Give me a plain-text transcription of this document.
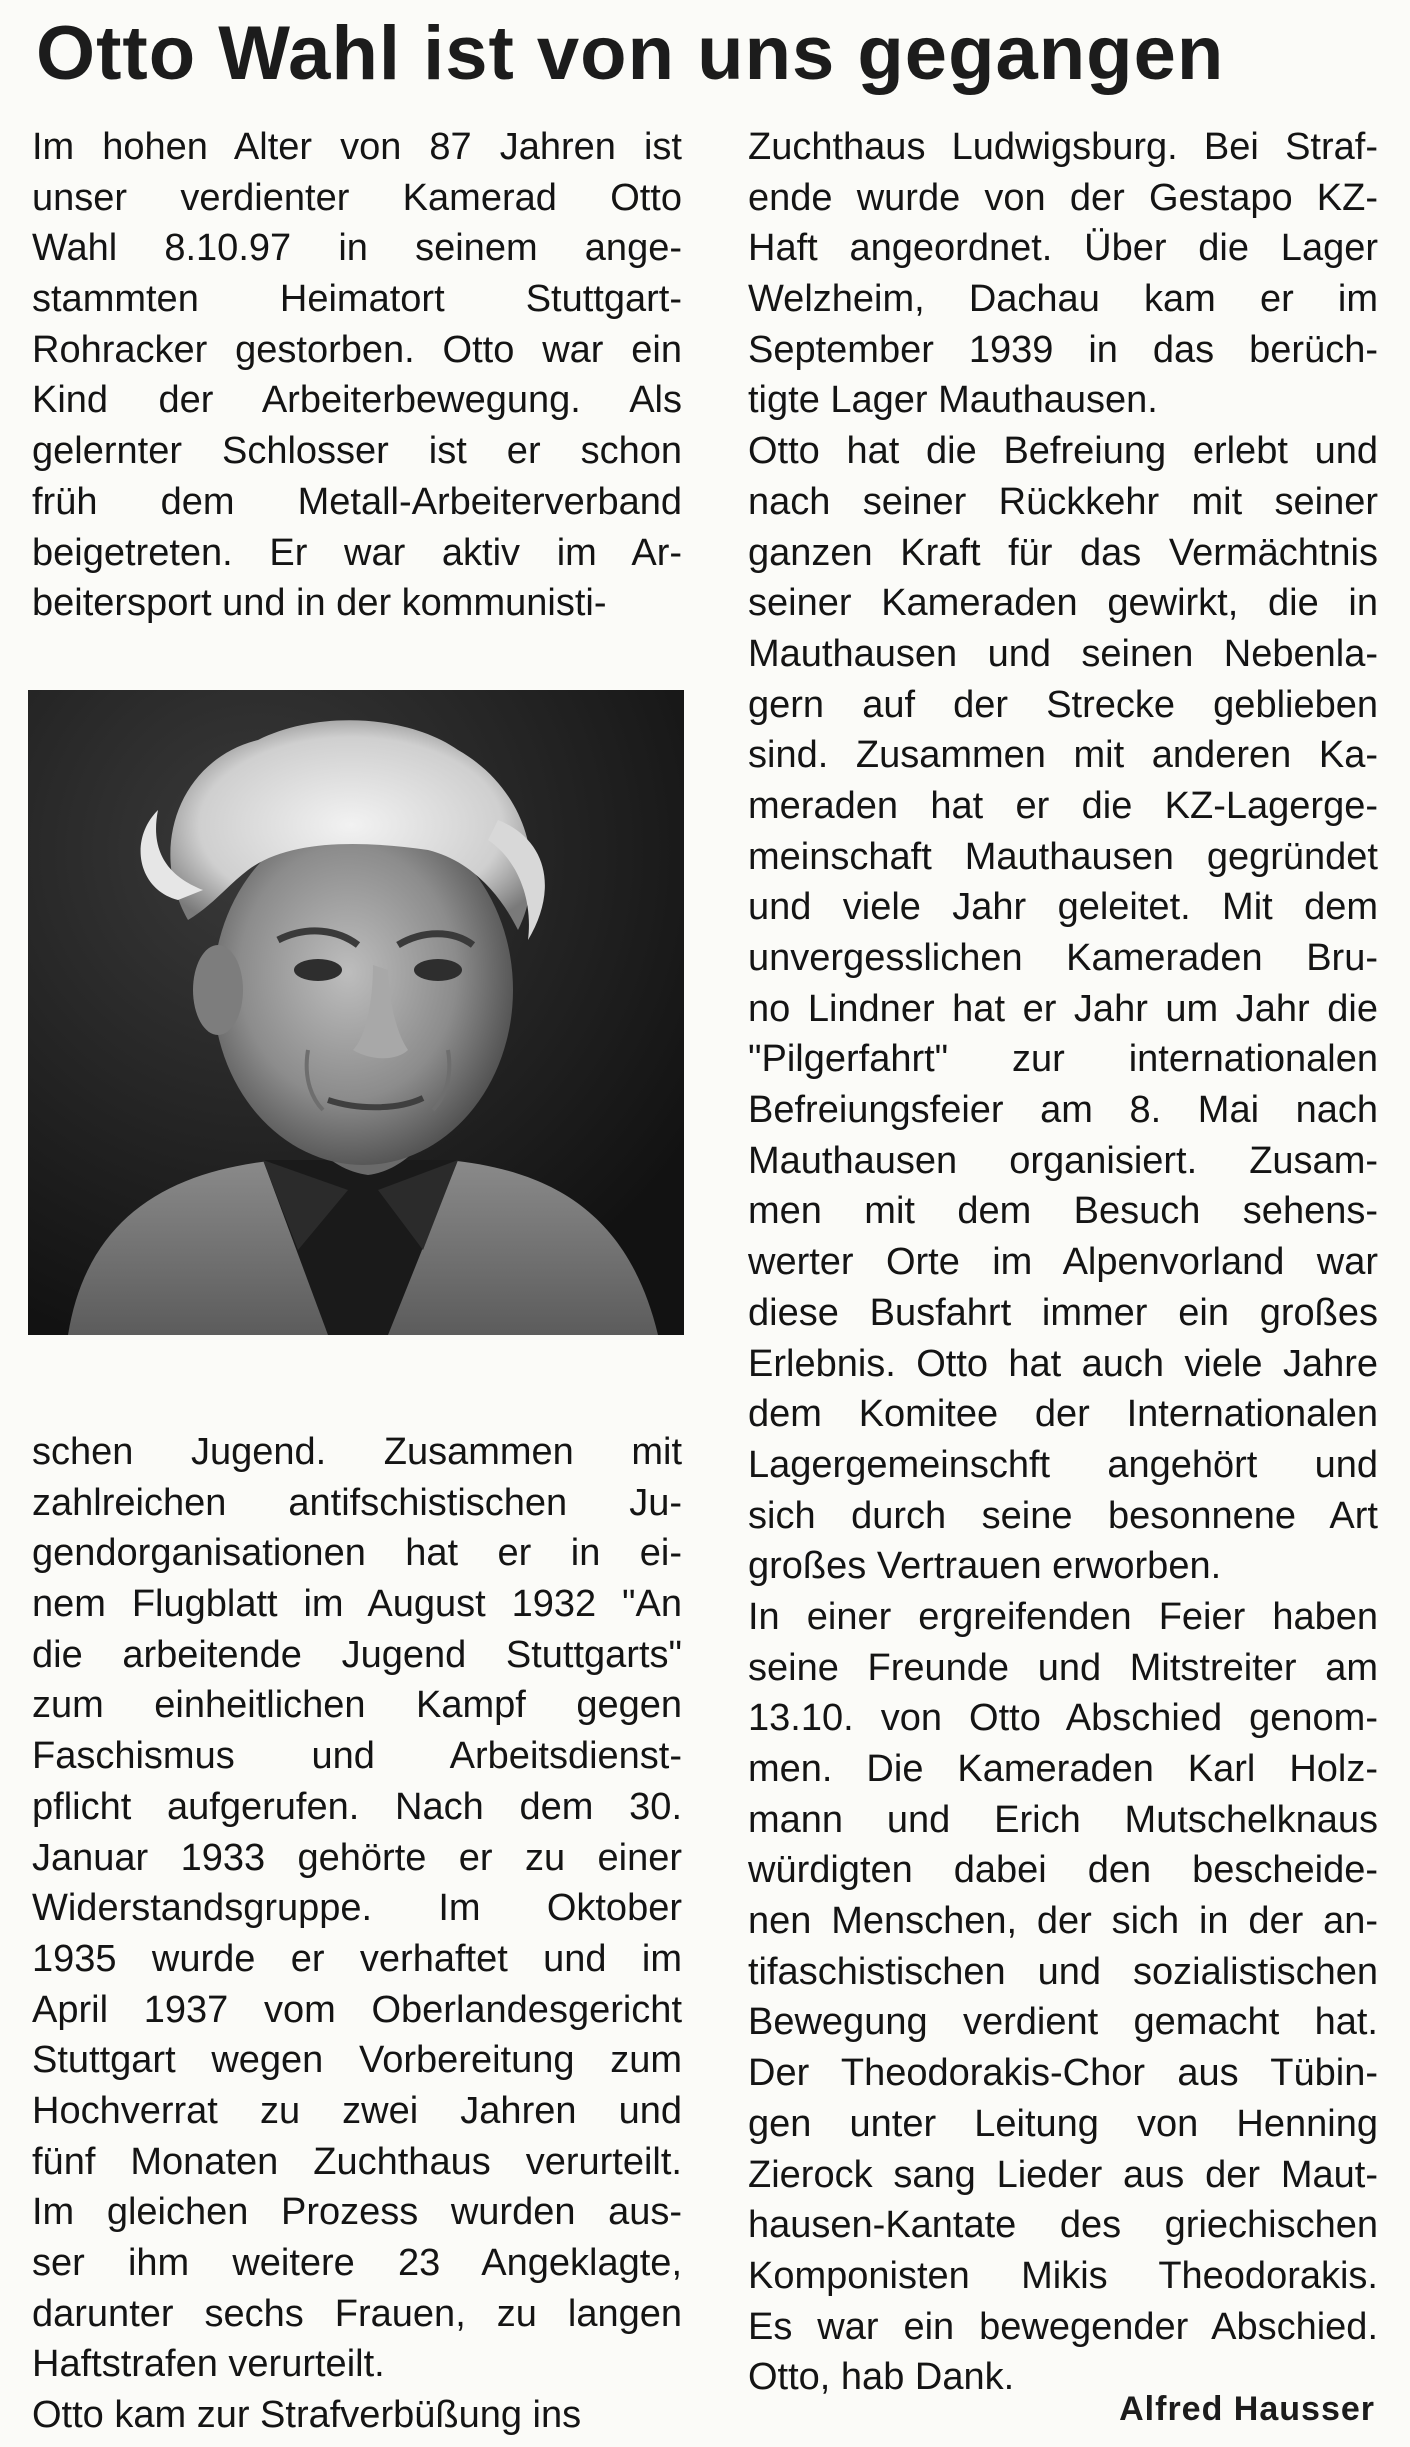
Otto Wahl ist von uns gegangen
Im hohen Alter von 87 Jahren ist
unser verdienter Kamerad Otto
Wahl 8.10.97 in seinem ange-
stammten Heimatort Stuttgart-
Rohracker gestorben. Otto war ein
Kind der Arbeiterbewegung. Als
gelernter Schlosser ist er schon
früh dem Metall-Arbeiterverband
beigetreten. Er war aktiv im Ar-
beitersport und in der kommunisti-
schen Jugend. Zusammen mit
zahlreichen antifschistischen Ju-
gendorganisationen hat er in ei-
nem Flugblatt im August 1932 "An
die arbeitende Jugend Stuttgarts"
zum einheitlichen Kampf gegen
Faschismus und Arbeitsdienst-
pflicht aufgerufen. Nach dem 30.
Januar 1933 gehörte er zu einer
Widerstandsgruppe. Im Oktober
1935 wurde er verhaftet und im
April 1937 vom Oberlandesgericht
Stuttgart wegen Vorbereitung zum
Hochverrat zu zwei Jahren und
fünf Monaten Zuchthaus verurteilt.
Im gleichen Prozess wurden aus-
ser ihm weitere 23 Angeklagte,
darunter sechs Frauen, zu langen
Haftstrafen verurteilt.
Otto kam zur Strafverbüßung ins
Zuchthaus Ludwigsburg. Bei Straf-
ende wurde von der Gestapo KZ-
Haft angeordnet. Über die Lager
Welzheim, Dachau kam er im
September 1939 in das berüch-
tigte Lager Mauthausen.
Otto hat die Befreiung erlebt und
nach seiner Rückkehr mit seiner
ganzen Kraft für das Vermächtnis
seiner Kameraden gewirkt, die in
Mauthausen und seinen Nebenla-
gern auf der Strecke geblieben
sind. Zusammen mit anderen Ka-
meraden hat er die KZ-Lagerge-
meinschaft Mauthausen gegründet
und viele Jahr geleitet. Mit dem
unvergesslichen Kameraden Bru-
no Lindner hat er Jahr um Jahr die
"Pilgerfahrt" zur internationalen
Befreiungsfeier am 8. Mai nach
Mauthausen organisiert. Zusam-
men mit dem Besuch sehens-
werter Orte im Alpenvorland war
diese Busfahrt immer ein großes
Erlebnis. Otto hat auch viele Jahre
dem Komitee der Internationalen
Lagergemeinschft angehört und
sich durch seine besonnene Art
großes Vertrauen erworben.
In einer ergreifenden Feier haben
seine Freunde und Mitstreiter am
13.10. von Otto Abschied genom-
men. Die Kameraden Karl Holz-
mann und Erich Mutschelknaus
würdigten dabei den bescheide-
nen Menschen, der sich in der an-
tifaschistischen und sozialistischen
Bewegung verdient gemacht hat.
Der Theodorakis-Chor aus Tübin-
gen unter Leitung von Henning
Zierock sang Lieder aus der Maut-
hausen-Kantate des griechischen
Komponisten Mikis Theodorakis.
Es war ein bewegender Abschied.
Otto, hab Dank.
Alfred Hausser
